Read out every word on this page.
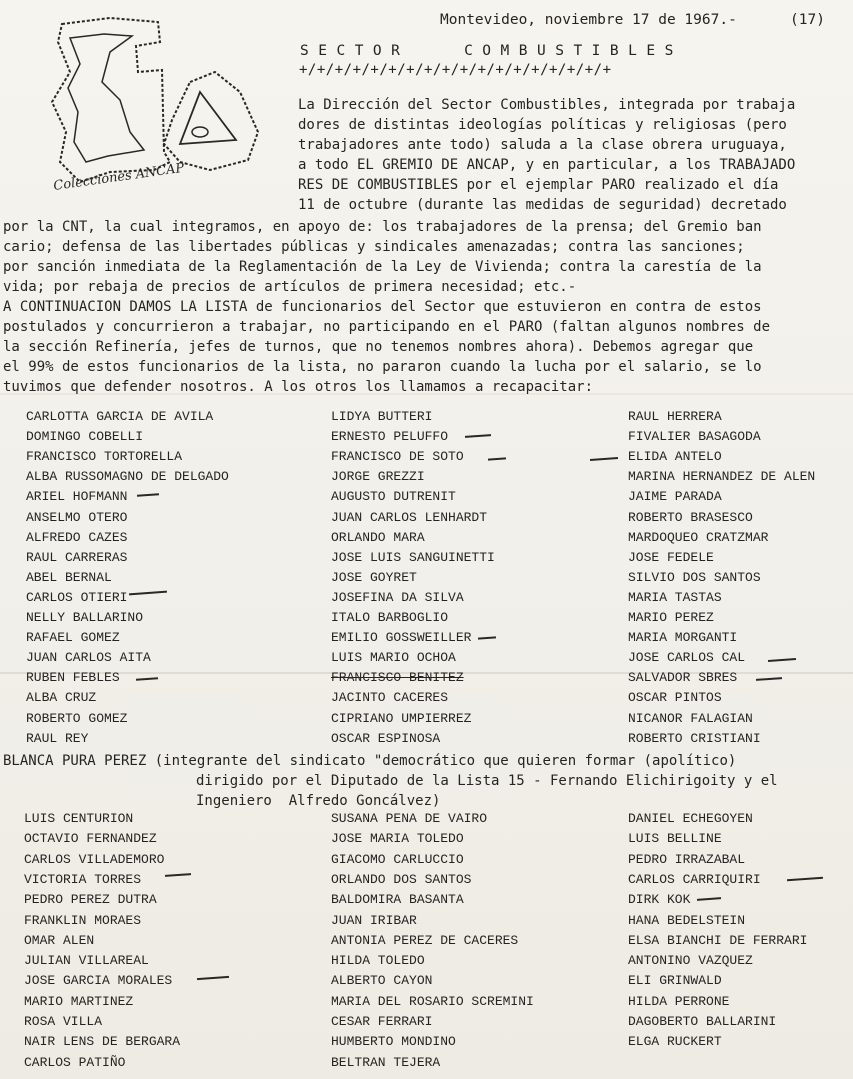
Colecciones ANCAP
Montevideo, noviembre 17 de 1967.-	(17)
SECTOR   COMBUSTIBLES
+/+/+/+/+/+/+/+/+/+/+/+/+/+/+/+/+/+
La Dirección del Sector Combustibles, integrada por trabaja
dores de distintas ideologías políticas y religiosas (pero
trabajadores ante todo) saluda a la clase obrera uruguaya,
a todo EL GREMIO DE ANCAP, y en particular, a los TRABAJADO
RES DE COMBUSTIBLES por el ejemplar PARO realizado el día
11 de octubre (durante las medidas de seguridad) decretado
por la CNT, la cual integramos, en apoyo de: los trabajadores de la prensa; del Gremio ban
cario; defensa de las libertades públicas y sindicales amenazadas; contra las sanciones;
por sanción inmediata de la Reglamentación de la Ley de Vivienda; contra la carestía de la
vida; por rebaja de precios de artículos de primera necesidad; etc.-
A CONTINUACION DAMOS LA LISTA de funcionarios del Sector que estuvieron en contra de estos
postulados y concurrieron a trabajar, no participando en el PARO (faltan algunos nombres de
la sección Refinería, jefes de turnos, que no tenemos nombres ahora). Debemos agregar que
el 99% de estos funcionarios de la lista, no pararon cuando la lucha por el salario, se lo
tuvimos que defender nosotros. A los otros los llamamos a recapacitar:
CARLOTTA GARCIA DE AVILA
DOMINGO COBELLI
FRANCISCO TORTORELLA
ALBA RUSSOMAGNO DE DELGADO
ARIEL HOFMANN
ANSELMO OTERO
ALFREDO CAZES
RAUL CARRERAS
ABEL BERNAL
CARLOS OTIERI
NELLY BALLARINO
RAFAEL GOMEZ
JUAN CARLOS AITA
RUBEN FEBLES
ALBA CRUZ
ROBERTO GOMEZ
RAUL REY
LIDYA BUTTERI
ERNESTO PELUFFO
FRANCISCO DE SOTO
JORGE GREZZI
AUGUSTO DUTRENIT
JUAN CARLOS LENHARDT
ORLANDO MARA
JOSE LUIS SANGUINETTI
JOSE GOYRET
JOSEFINA DA SILVA
ITALO BARBOGLIO
EMILIO GOSSWEILLER
LUIS MARIO OCHOA
FRANCISCO BENITEZ
JACINTO CACERES
CIPRIANO UMPIERREZ
OSCAR ESPINOSA
RAUL HERRERA
FIVALIER BASAGODA
ELIDA ANTELO
MARINA HERNANDEZ DE ALEN
JAIME PARADA
ROBERTO BRASESCO
MARDOQUEO CRATZMAR
JOSE FEDELE
SILVIO DOS SANTOS
MARIA TASTAS
MARIO PEREZ
MARIA MORGANTI
JOSE CARLOS CAL
SALVADOR SBRES
OSCAR PINTOS
NICANOR FALAGIAN
ROBERTO CRISTIANI
BLANCA PURA PEREZ (integrante del sindicato "democrático que quieren formar (apolítico)
dirigido por el Diputado de la Lista 15 - Fernando Elichirigoity y el
Ingeniero  Alfredo Goncálvez)
LUIS CENTURION
OCTAVIO FERNANDEZ
CARLOS VILLADEMORO
VICTORIA TORRES
PEDRO PEREZ DUTRA
FRANKLIN MORAES
OMAR ALEN
JULIAN VILLAREAL
JOSE GARCIA MORALES
MARIO MARTINEZ
ROSA VILLA
NAIR LENS DE BERGARA
CARLOS PATIÑO
SUSANA PENA DE VAIRO
JOSE MARIA TOLEDO
GIACOMO CARLUCCIO
ORLANDO DOS SANTOS
BALDOMIRA BASANTA
JUAN IRIBAR
ANTONIA PEREZ DE CACERES
HILDA TOLEDO
ALBERTO CAYON
MARIA DEL ROSARIO SCREMINI
CESAR FERRARI
HUMBERTO MONDINO
BELTRAN TEJERA
DANIEL ECHEGOYEN
LUIS BELLINE
PEDRO IRRAZABAL
CARLOS CARRIQUIRI
DIRK KOK
HANA BEDELSTEIN
ELSA BIANCHI DE FERRARI
ANTONINO VAZQUEZ
ELI GRINWALD
HILDA PERRONE
DAGOBERTO BALLARINI
ELGA RUCKERT
